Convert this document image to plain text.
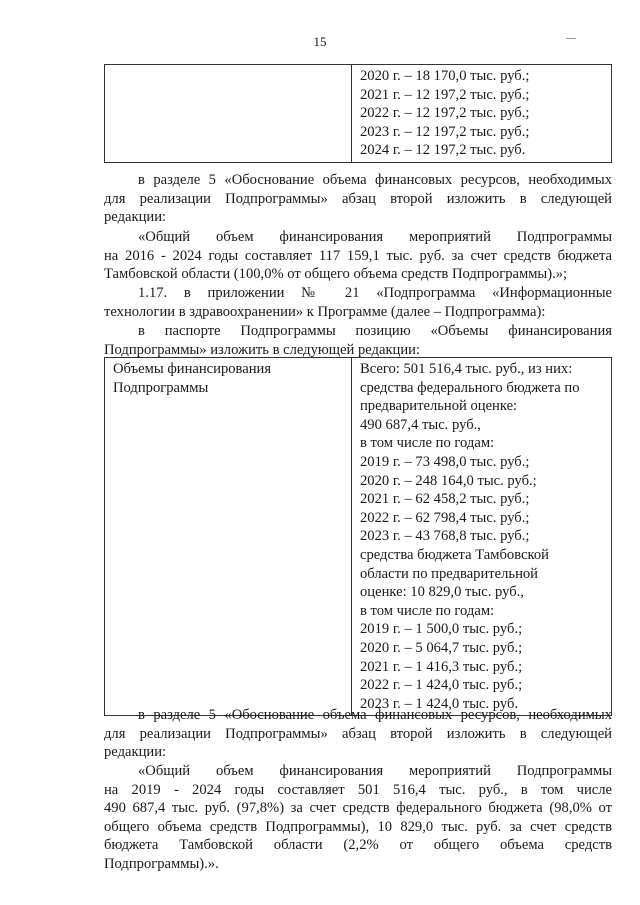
15

2020 г. – 18 170,0 тыс. руб.;
2021 г. – 12 197,2 тыс. руб.;
2022 г. – 12 197,2 тыс. руб.;
2023 г. – 12 197,2 тыс. руб.;
2024 г. – 12 197,2 тыс. руб.
в разделе 5 «Обоснование объема финансовых ресурсов, необходимых
для реализации Подпрограммы» абзац второй изложить в следующей
редакции:
«Общий объем финансирования мероприятий Подпрограммы
на 2016 - 2024 годы составляет 117 159,1 тыс. руб. за счет средств бюджета
Тамбовской области (100,0% от общего объема средств Подпрограммы).»;
1.17. в приложении № 21 «Подпрограмма «Информационные
технологии в здравоохранении» к Программе (далее – Подпрограмма):
в паспорте Подпрограммы позицию «Объемы финансирования
Подпрограммы» изложить в следующей редакции:
Объемы финансирования
Подпрограммы

Всего: 501 516,4 тыс. руб., из них:
средства федерального бюджета по
предварительной оценке:
490 687,4 тыс. руб.,
в том числе по годам:
2019 г. – 73 498,0 тыс. руб.;
2020 г. – 248 164,0 тыс. руб.;
2021 г. – 62 458,2 тыс. руб.;
2022 г. – 62 798,4 тыс. руб.;
2023 г. – 43 768,8 тыс. руб.;
средства бюджета Тамбовской
области по предварительной
оценке: 10 829,0 тыс. руб.,
в том числе по годам:
2019 г. – 1 500,0 тыс. руб.;
2020 г. – 5 064,7 тыс. руб.;
2021 г. – 1 416,3 тыс. руб.;
2022 г. – 1 424,0 тыс. руб.;
2023 г. – 1 424,0 тыс. руб.
в разделе 5 «Обоснование объема финансовых ресурсов, необходимых
для реализации Подпрограммы» абзац второй изложить в следующей
редакции:
«Общий объем финансирования мероприятий Подпрограммы
на 2019 - 2024 годы составляет 501 516,4 тыс. руб., в том числе
490 687,4 тыс. руб. (97,8%) за счет средств федерального бюджета (98,0% от
общего объема средств Подпрограммы), 10 829,0 тыс. руб. за счет средств
бюджета Тамбовской области (2,2% от общего объема средств
Подпрограммы).».
